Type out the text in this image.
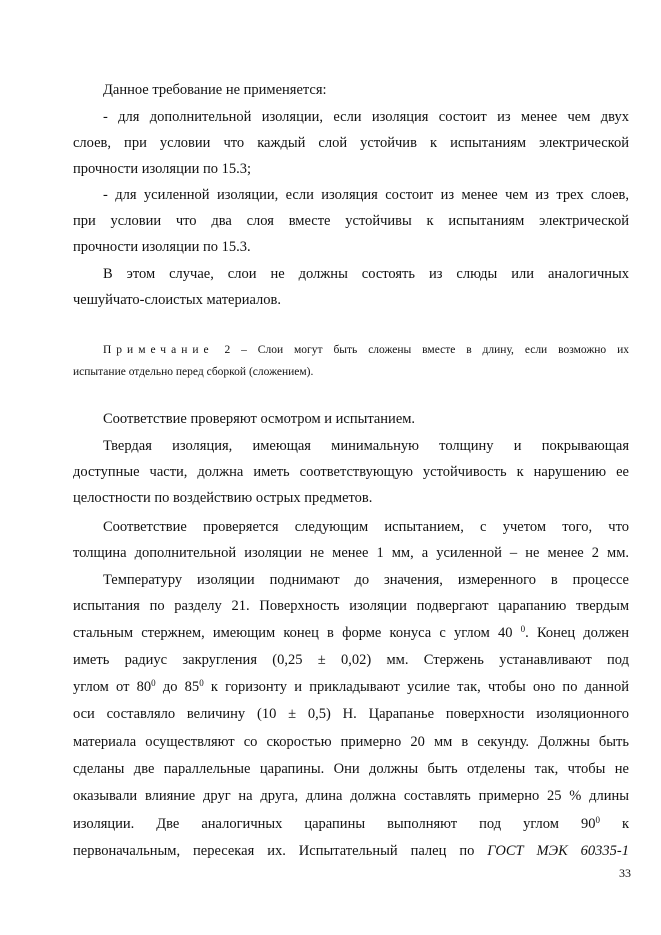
Данное требование не применяется:
- для дополнительной изоляции, если изоляция состоит из менее чем двух
слоев, при условии что каждый слой устойчив к испытаниям электрической
прочности изоляции по 15.3;
- для усиленной изоляции, если изоляция состоит из менее чем из трех слоев,
при условии что два слоя вместе устойчивы к испытаниям электрической
прочности изоляции по 15.3.
В этом случае, слои не должны состоять из слюды или аналогичных
чешуйчато-слоистых материалов.
Примечание 2 – Слои могут быть сложены вместе в длину, если возможно их
испытание отдельно перед сборкой (сложением).
Соответствие проверяют осмотром и испытанием.
Твердая изоляция, имеющая минимальную толщину и покрывающая
доступные части, должна иметь соответствующую устойчивость к нарушению ее
целостности по воздействию острых предметов.
Соответствие проверяется следующим испытанием, с учетом того, что
толщина дополнительной изоляции не менее 1 мм, а усиленной – не менее 2 мм.
Температуру изоляции поднимают до значения, измеренного в процессе
испытания по разделу 21. Поверхность изоляции подвергают царапанию твердым
стальным стержнем, имеющим конец в форме конуса с углом 40 $^0$. Конец должен
иметь радиус закругления (0,25 ± 0,02) мм. Стержень устанавливают под
углом от $80^0$ до $85^0$ к горизонту и прикладывают усилие так, чтобы оно по данной
оси составляло величину (10 ± 0,5) Н. Царапанье поверхности изоляционного
материала осуществляют со скоростью примерно 20 мм в секунду. Должны быть
сделаны две параллельные царапины. Они должны быть отделены так, чтобы не
оказывали влияние друг на друга, длина должна составлять примерно 25 % длины
изоляции. Две аналогичных царапины выполняют под углом $90^0$ к
первоначальным, пересекая их. Испытательный палец по ГОСТ МЭК 60335-1
33
